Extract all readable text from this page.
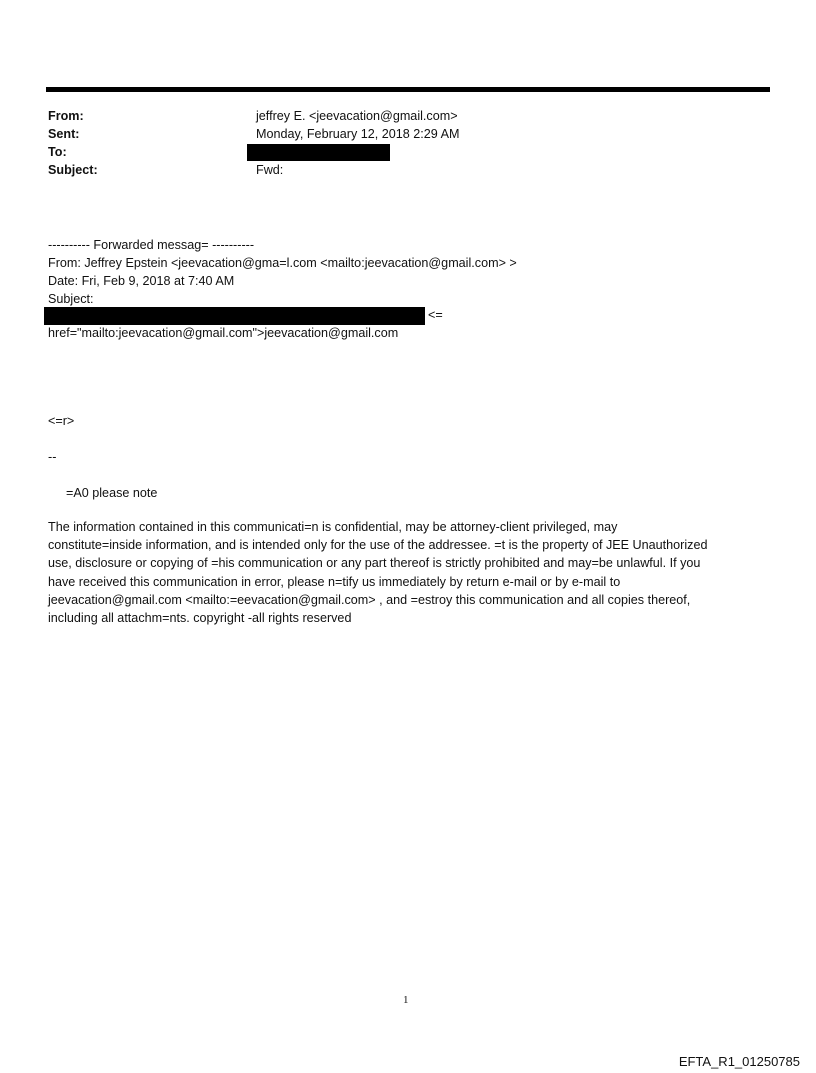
From:	jeffrey E. <jeevacation@gmail.com>
Sent:	Monday, February 12, 2018 2:29 AM
To:
Subject:	Fwd:
---------- Forwarded messag= ----------
From: Jeffrey Epstein <jeevacation@gma=l.com <mailto:jeevacation@gmail.com> >
Date: Fri, Feb 9, 2018 at 7:40 AM
Subject:
<=
href="mailto:jeevacation@gmail.com">jeevacation@gmail.com
<=r>
--
=A0 please note
The information contained in this communicati=n is confidential, may be attorney-client privileged, may
constitute=inside information, and is intended only for the use of the addressee. =t is the property of JEE Unauthorized
use, disclosure or copying of =his communication or any part thereof is strictly prohibited and may=be unlawful. If you
have received this communication in error, please n=tify us immediately by return e-mail or by e-mail to
jeevacation@gmail.com <mailto:=eevacation@gmail.com> , and =estroy this communication and all copies thereof,
including all attachm=nts. copyright -all rights reserved
1
EFTA_R1_01250785
